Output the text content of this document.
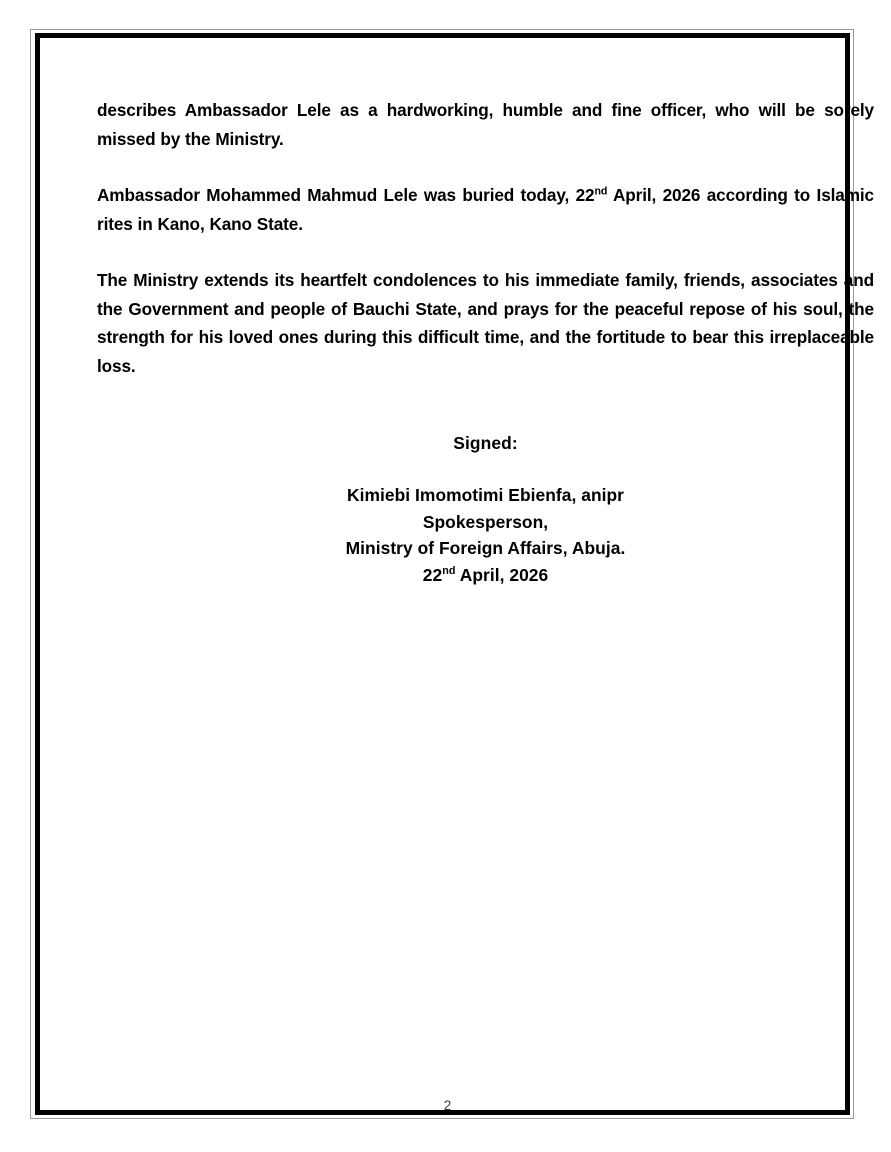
describes Ambassador Lele as a hardworking, humble and fine officer, who will be sorely missed by the Ministry.

Ambassador Mohammed Mahmud Lele was buried today, 22nd April, 2026 according to Islamic rites in Kano, Kano State.

The Ministry extends its heartfelt condolences to his immediate family, friends, associates and the Government and people of Bauchi State, and prays for the peaceful repose of his soul, the strength for his loved ones during this difficult time, and the fortitude to bear this irreplaceable loss.

Signed:
Kimiebi Imomotimi Ebienfa, anipr
Spokesperson,
Ministry of Foreign Affairs, Abuja.
22nd April, 2026
2
